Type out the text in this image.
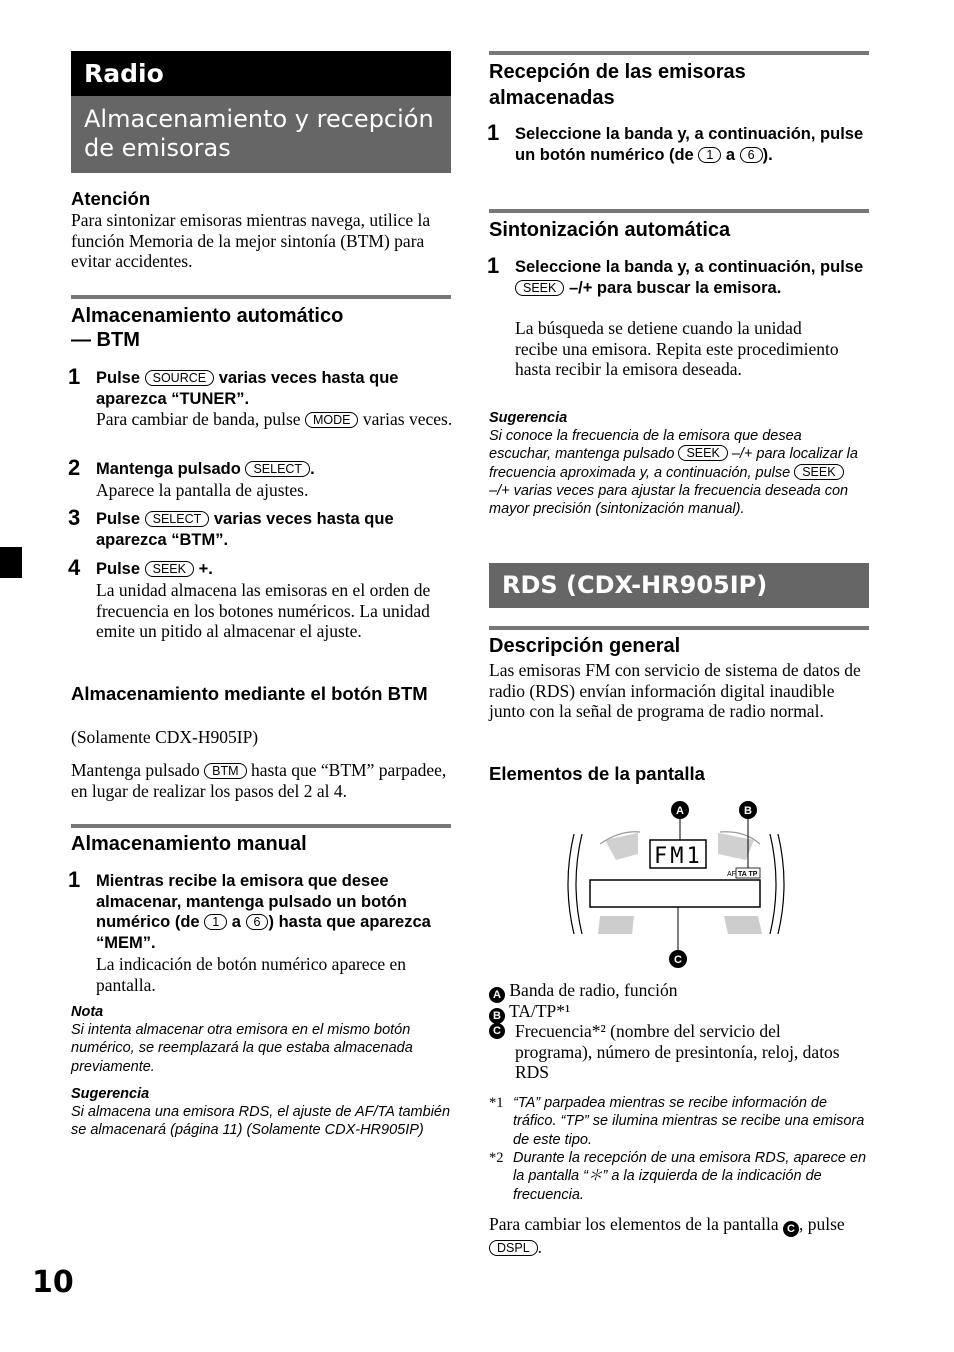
Radio
Almacenamiento y recepción de emisoras
Atención
Para sintonizar emisoras mientras navega, utilice la función Memoria de la mejor sintonía (BTM) para evitar accidentes.
Almacenamiento automático
— BTM
1 Pulse SOURCE varias veces hasta que aparezca “TUNER”.
Para cambiar de banda, pulse MODE varias veces.
2 Mantenga pulsado SELECT .
Aparece la pantalla de ajustes.
3 Pulse SELECT varias veces hasta que aparezca “BTM”.
4 Pulse SEEK +.
La unidad almacena las emisoras en el orden de frecuencia en los botones numéricos. La unidad emite un pitido al almacenar el ajuste.
Almacenamiento mediante el botón BTM
(Solamente CDX-H905IP)
Mantenga pulsado BTM hasta que “BTM” parpadee, en lugar de realizar los pasos del 2 al 4.
Almacenamiento manual
1 Mientras recibe la emisora que desee almacenar, mantenga pulsado un botón numérico (de 1 a 6 ) hasta que aparezca “MEM”.
La indicación de botón numérico aparece en pantalla.
Nota
Si intenta almacenar otra emisora en el mismo botón numérico, se reemplazará la que estaba almacenada previamente.
Sugerencia
Si almacena una emisora RDS, el ajuste de AF/TA también se almacenará (página 11) (Solamente CDX-HR905IP)
10
Recepción de las emisoras almacenadas
1 Seleccione la banda y, a continuación, pulse un botón numérico (de 1 a 6 ).
Sintonización automática
1 Seleccione la banda y, a continuación, pulse SEEK –/+ para buscar la emisora.
La búsqueda se detiene cuando la unidad recibe una emisora. Repita este procedimiento hasta recibir la emisora deseada.
Sugerencia
Si conoce la frecuencia de la emisora que desea escuchar, mantenga pulsado SEEK –/+ para localizar la frecuencia aproximada y, a continuación, pulse SEEK –/+ varias veces para ajustar la frecuencia deseada con mayor precisión (sintonización manual).
RDS (CDX-HR905IP)
Descripción general
Las emisoras FM con servicio de sistema de datos de radio (RDS) envían información digital inaudible junto con la señal de programa de radio normal.
Elementos de la pantalla
FM1
AF TA TP
A	B
C
A Banda de radio, función
B TA/TP*¹
C Frecuencia*² (nombre del servicio del programa), número de presintonía, reloj, datos RDS
*1 “TA” parpadea mientras se recibe información de tráfico. “TP” se ilumina mientras se recibe una emisora de este tipo.
*2 Durante la recepción de una emisora RDS, aparece en la pantalla “＊” a la izquierda de la indicación de frecuencia.
Para cambiar los elementos de la pantalla C , pulse DSPL .
